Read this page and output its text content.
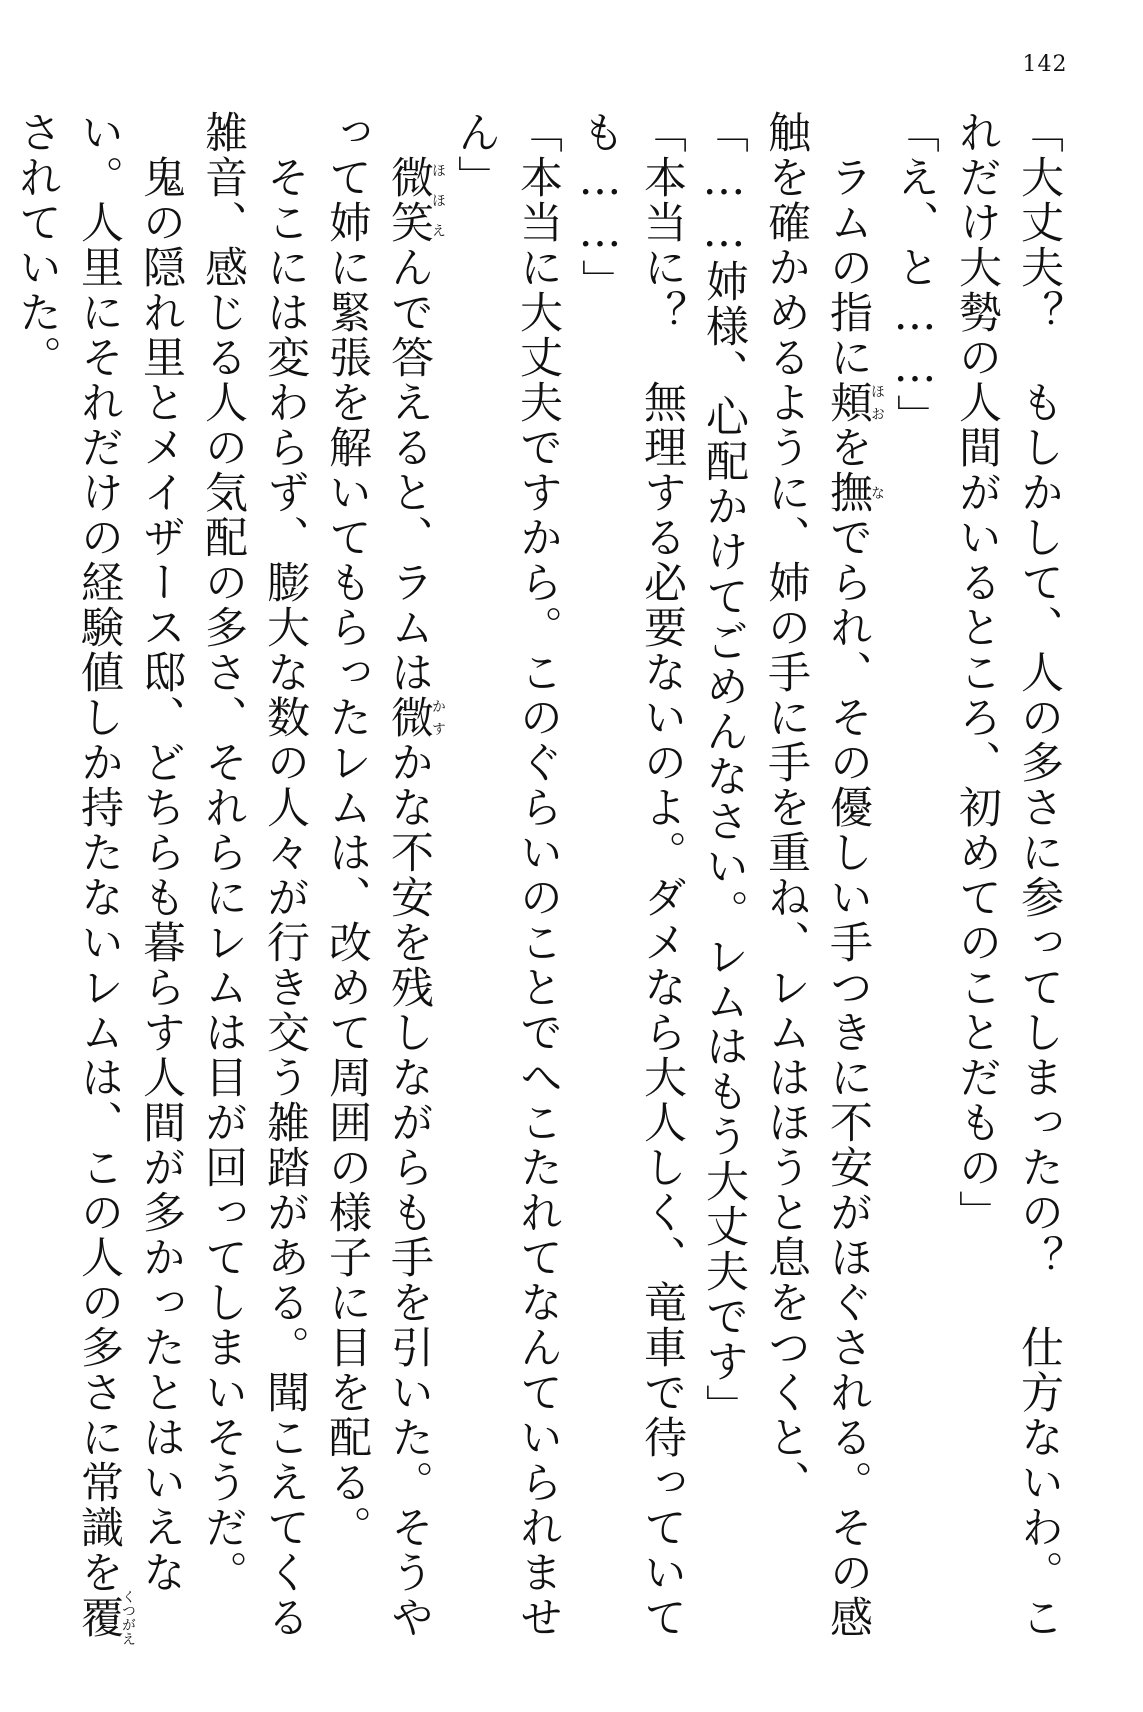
142

「大丈夫？　もしかして、人の多さに参ってしまったの？　仕方ないわ。これだけ大勢の人間がいるところ、初めてのことだもの」

「え、と……」

　ラムの指に頬ほおを撫なでられ、その優しい手つきに不安がほぐされる。その感触を確かめるように、姉の手に手を重ね、レムはほうと息をつくと、

「……姉様、心配かけてごめんなさい。レムはもう大丈夫です」

「本当に？　無理する必要ないのよ。ダメなら大人しく、竜車で待っていても……」

「本当に大丈夫ですから。このぐらいのことでへこたれてなんていられません」

　微笑ほほえんで答えると、ラムは微かすかな不安を残しながらも手を引いた。そうやって姉に緊張を解いてもらったレムは、改めて周囲の様子に目を配る。

　そこには変わらず、膨大な数の人々が行き交う雑踏がある。聞こえてくる雑音、感じる人の気配の多さ、それらにレムは目が回ってしまいそうだ。

　鬼の隠れ里とメイザース邸、どちらも暮らす人間が多かったとはいえない。人里にそれだけの経験値しか持たないレムは、この人の多さに常識を覆くつがえされていた。
